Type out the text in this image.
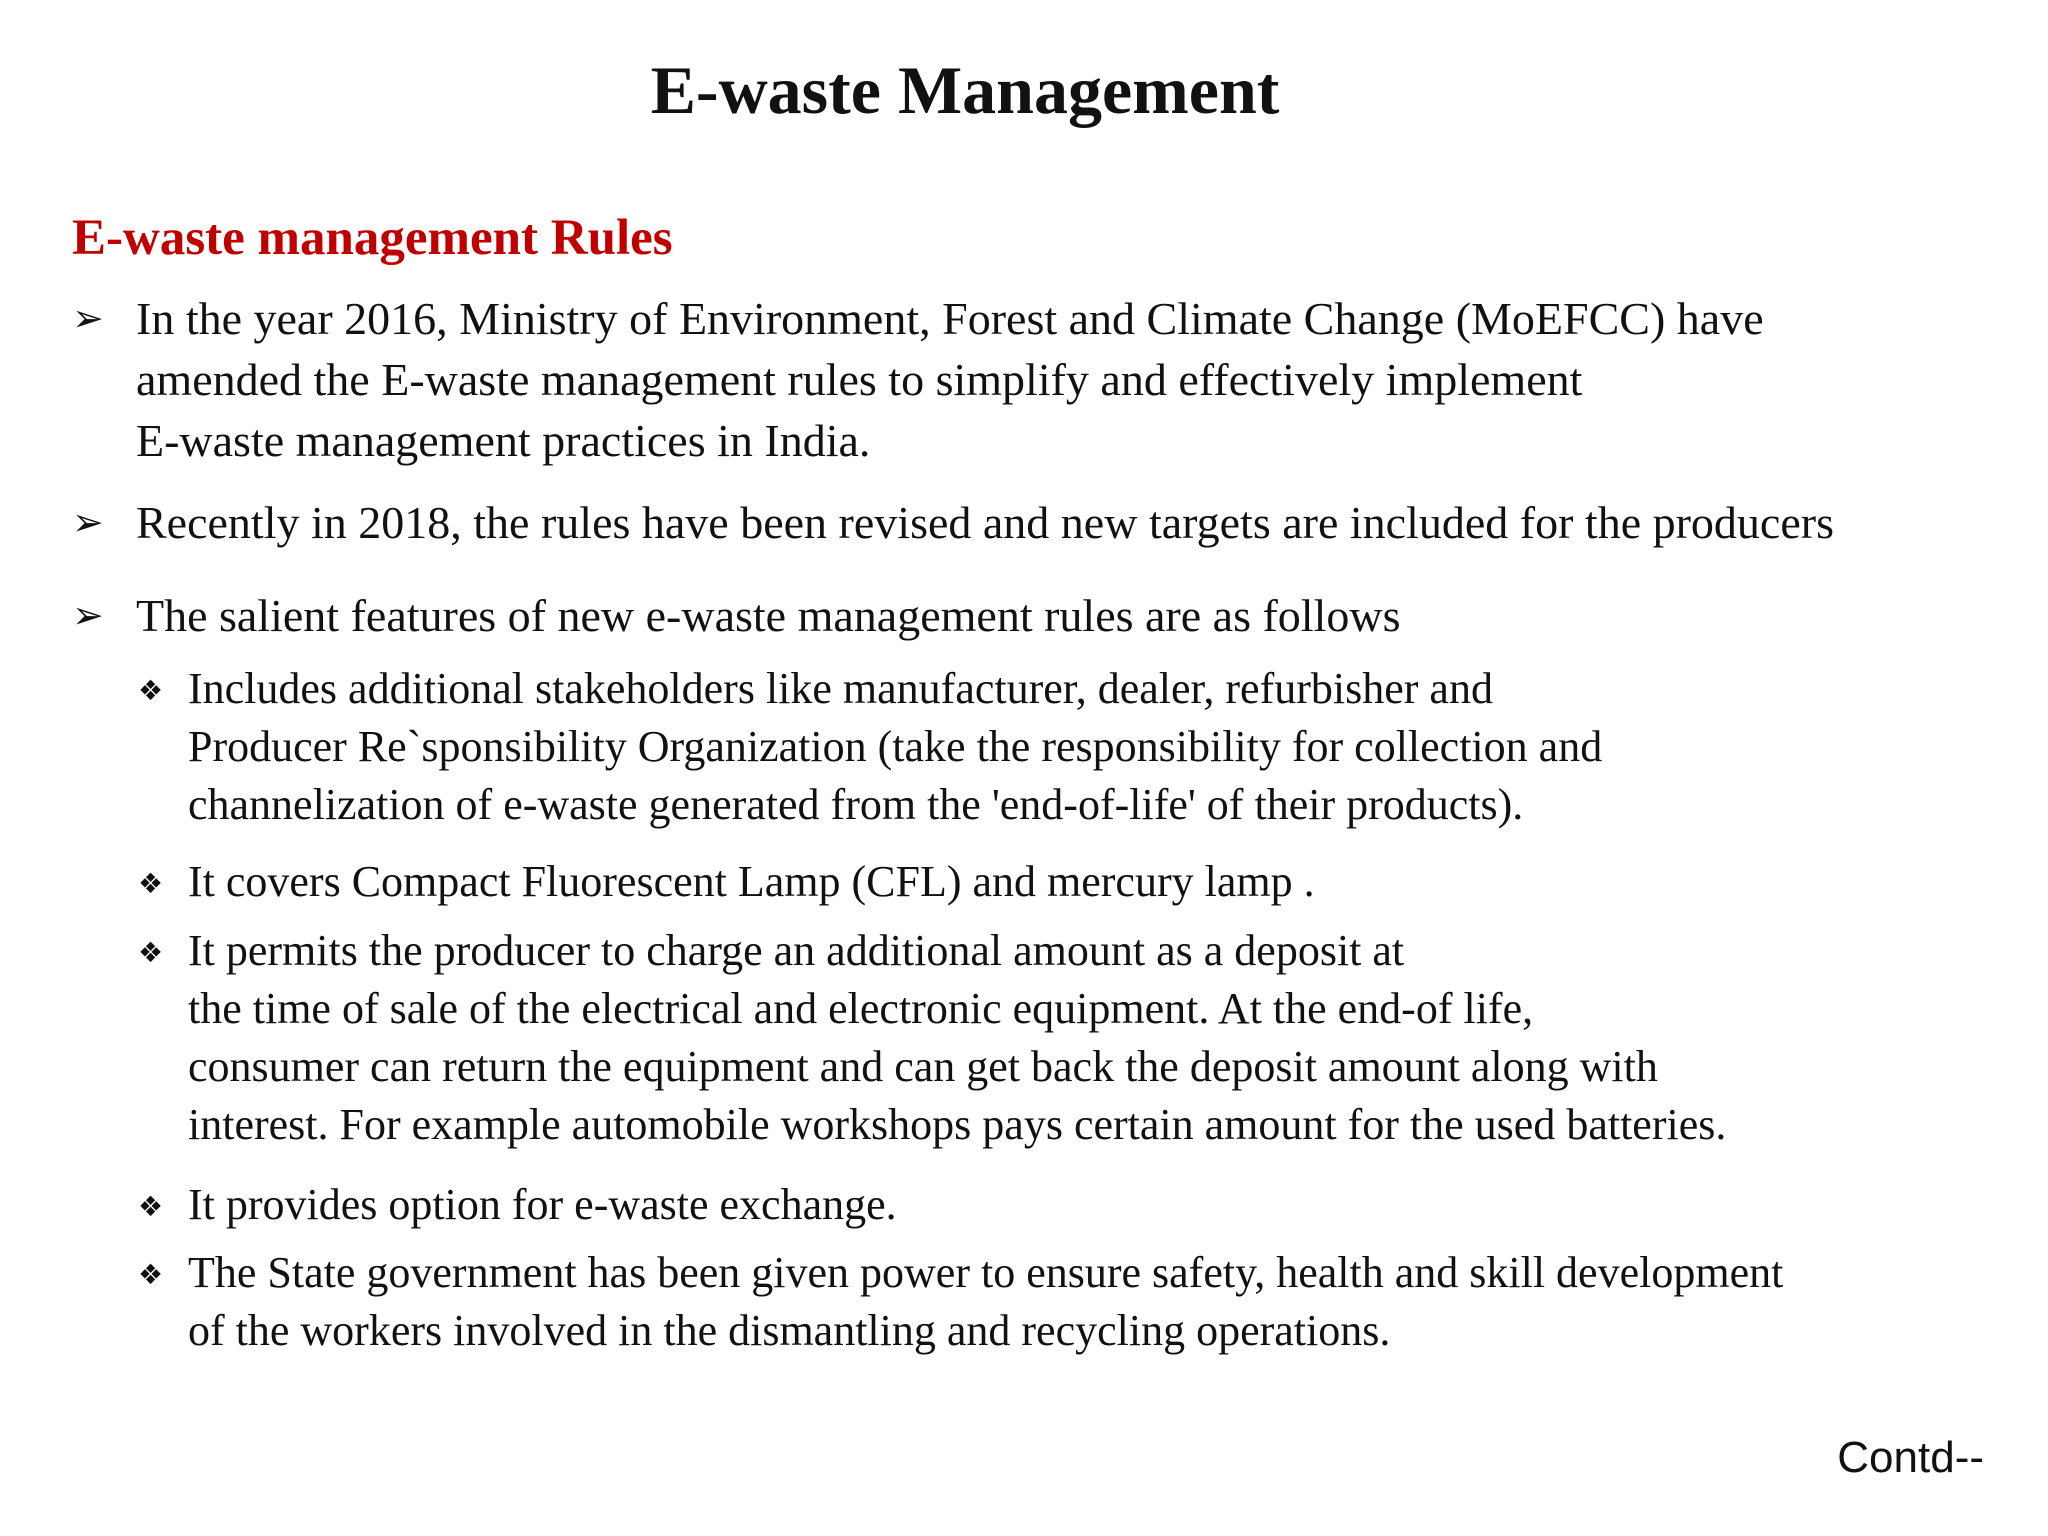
E-waste Management
E-waste management Rules
➢ In the year 2016, Ministry of Environment, Forest and Climate Change (MoEFCC) have
amended the E-waste management rules to simplify and effectively implement
E-waste management practices in India.
➢ Recently in 2018, the rules have been revised and new targets are included for the producers
➢ The salient features of new e-waste management rules are as follows
❖ Includes additional stakeholders like manufacturer, dealer, refurbisher and
Producer Re`sponsibility Organization (take the responsibility for collection and
channelization of e-waste generated from the 'end-of-life' of their products).
❖ It covers Compact Fluorescent Lamp (CFL) and mercury lamp .
❖ It permits the producer to charge an additional amount as a deposit at
the time of sale of the electrical and electronic equipment. At the end-of life,
consumer can return the equipment and can get back the deposit amount along with
interest. For example automobile workshops pays certain amount for the used batteries.
❖ It provides option for e-waste exchange.
❖ The State government has been given power to ensure safety, health and skill development
of the workers involved in the dismantling and recycling operations.
Contd--
